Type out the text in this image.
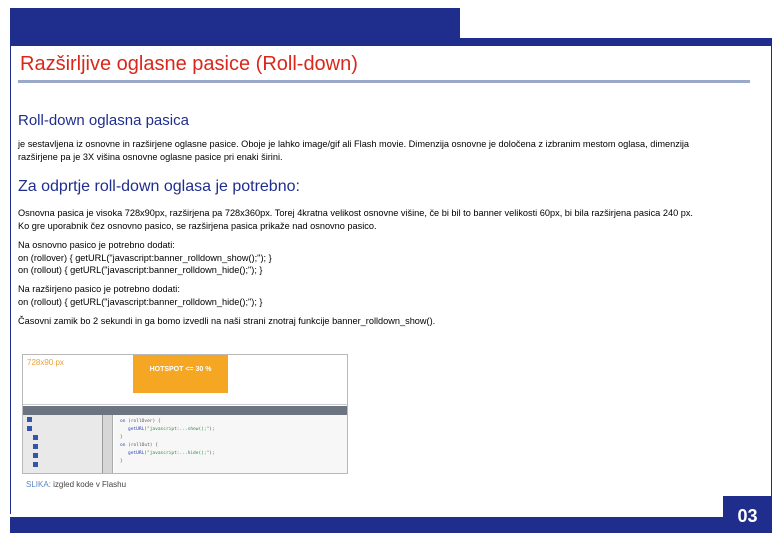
Razširljive oglasne pasice (Roll-down)
Roll-down oglasna pasica
je sestavljena iz osnovne in razširjene oglasne pasice. Oboje je lahko image/gif ali Flash movie. Dimenzija osnovne je določena z izbranim mestom oglasa, dimenzija
razširjene pa je 3X višina osnovne oglasne pasice pri enaki širini.
Za odprtje roll-down oglasa je potrebno:
Osnovna pasica je visoka 728x90px, razširjena pa 728x360px. Torej 4kratna velikost osnovne višine, če bi bil to banner velikosti 60px, bi bila razširjena pasica 240 px.
Ko gre uporabnik čez osnovno pasico, se razširjena pasica prikaže nad osnovno pasico.
Na osnovno pasico je potrebno dodati:
on (rollover) { getURL("javascript:banner_rolldown_show();"); }
on (rollout) { getURL("javascript:banner_rolldown_hide();"); }
Na razširjeno pasico je potrebno dodati:
on (rollout) { getURL("javascript:banner_rolldown_hide();"); }
Časovni zamik bo 2 sekundi in ga bomo izvedli na naši strani znotraj funkcije banner_rolldown_show().
728x90 px
HOTSPOT <= 30 %
on (rollOver) {
getURL("javascript:...show();");
}
on (rollOut) {
getURL("javascript:...hide();");
}
SLIKA: izgled kode v Flashu
03
